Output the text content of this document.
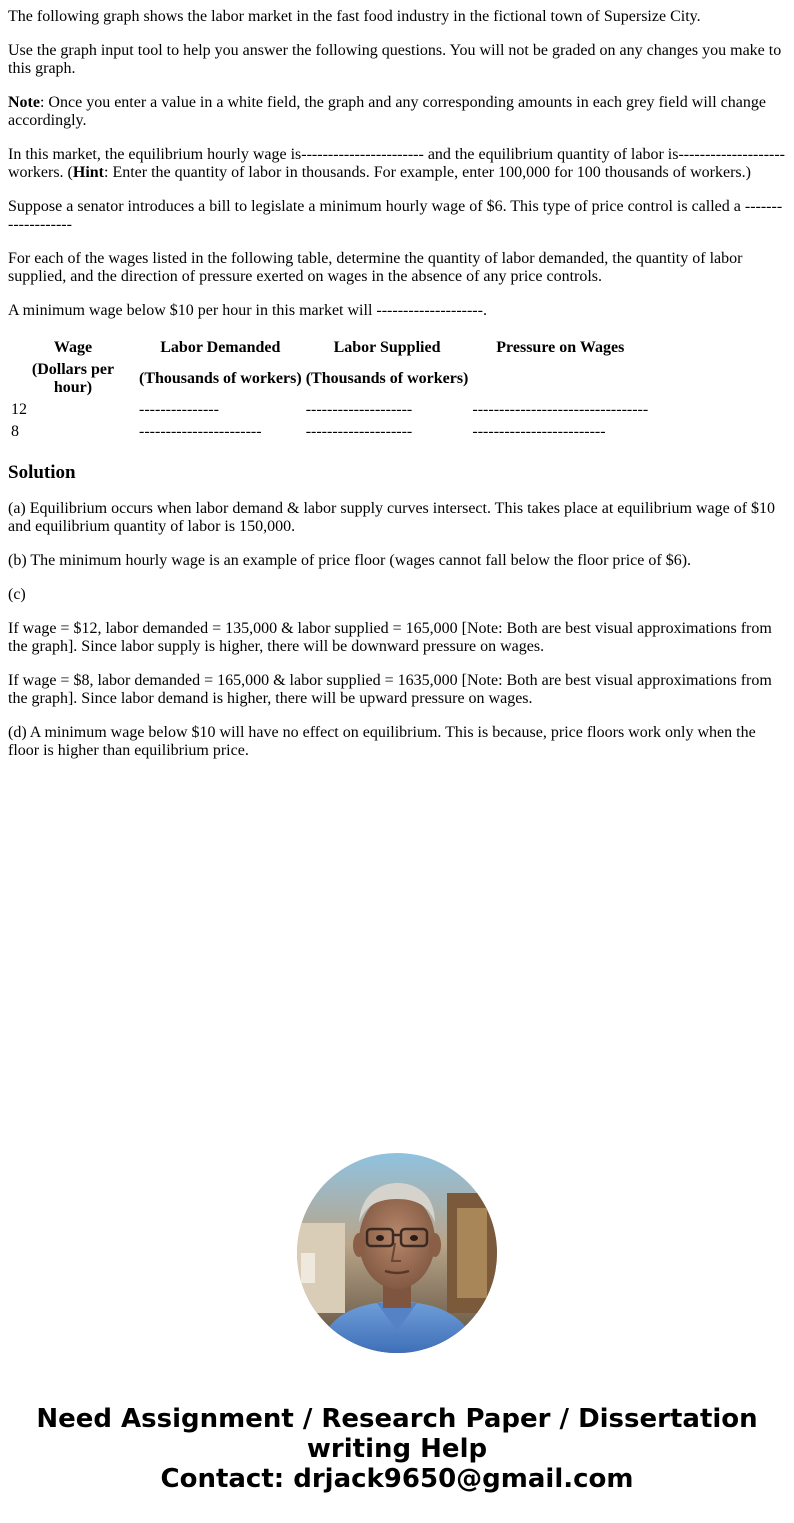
The following graph shows the labor market in the fast food industry in the fictional town of Supersize City.

Use the graph input tool to help you answer the following questions. You will not be graded on any changes you make to this graph.

Note: Once you enter a value in a white field, the graph and any corresponding amounts in each grey field will change accordingly.

In this market, the equilibrium hourly wage is----------------------- and the equilibrium quantity of labor is--------------------workers. (Hint: Enter the quantity of labor in thousands. For example, enter 100,000 for 100 thousands of workers.)

Suppose a senator introduces a bill to legislate a minimum hourly wage of $6. This type of price control is called a -------------------

For each of the wages listed in the following table, determine the quantity of labor demanded, the quantity of labor supplied, and the direction of pressure exerted on wages in the absence of any price controls.

A minimum wage below $10 per hour in this market will --------------------.

Wage	Labor Demanded	Labor Supplied	Pressure on Wages
(Dollars per hour)	(Thousands of workers)	(Thousands of workers)	
12	---------------	--------------------	---------------------------------
8	-----------------------	--------------------	-------------------------
Solution

(a) Equilibrium occurs when labor demand & labor supply curves intersect. This takes place at equilibrium wage of $10 and equilibrium quantity of labor is 150,000.

(b) The minimum hourly wage is an example of price floor (wages cannot fall below the floor price of $6).

(c)

If wage = $12, labor demanded = 135,000 & labor supplied = 165,000 [Note: Both are best visual approximations from the graph]. Since labor supply is higher, there will be downward pressure on wages.

If wage = $8, labor demanded = 165,000 & labor supplied = 1635,000 [Note: Both are best visual approximations from the graph]. Since labor demand is higher, there will be upward pressure on wages.

(d) A minimum wage below $10 will have no effect on equilibrium. This is because, price floors work only when the floor is higher than equilibrium price.

Need Assignment / Research Paper / Dissertation
writing Help
Contact: drjack9650@gmail.com
